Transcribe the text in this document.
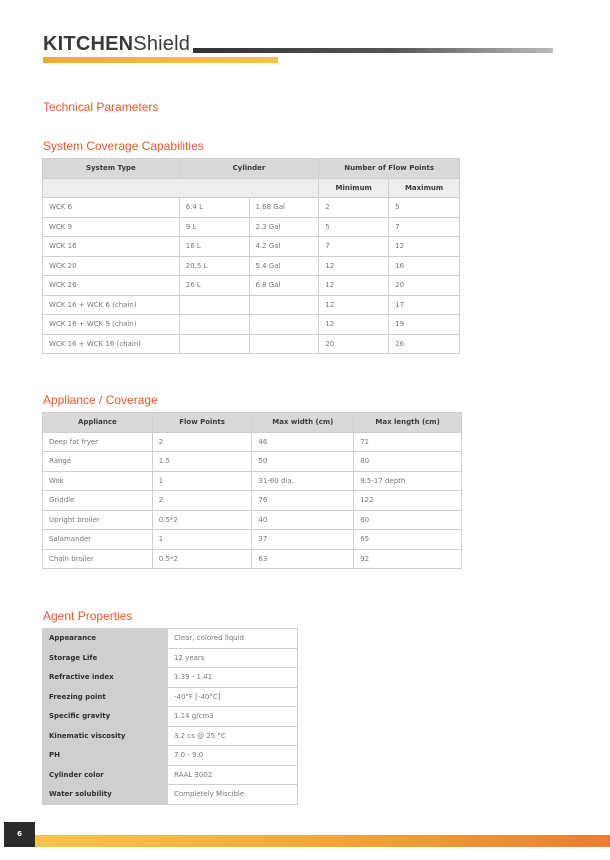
KITCHENShield
Technical Parameters
System Coverage Capabilities
System Type	Cylinder		Number of Flow Points	
			Minimum	Maximum
WCK 6	6.4 L	1.68 Gal	2	5
WCK 9	9 L	2.3 Gal	5	7
WCK 16	16 L	4.2 Gal	7	12
WCK 20	20.5 L	5.4 Gal	12	16
WCK 26	26 L	6.8 Gal	12	20
WCK 16 + WCK 6 (chain)			12	17
WCK 16 + WCK 9 (chain)			12	19
WCK 16 + WCK 16 (chain)			20	26
Appliance / Coverage
Appliance	Flow Points	Max width (cm)	Max length (cm)
Deep fat fryer	2	46	71
Range	1.5	50	80
Wok	1	31-60 dia.	9.5-17 depth
Griddle	2	76	122
Upright broiler	0.5*2	40	60
Salamander	1	37	65
Chain broiler	0.5*2	63	92
Agent Properties
Appearance	Clear, colored liquid
Storage Life	12 years
Refractive index	1.39 - 1.41
Freezing point	-40°F [-40°C]
Specific gravity	1.14 g/cm3
Kinematic viscosity	3.2 cs @ 25 °C
PH	7.0 - 9.0
Cylinder color	RAAL 3002
Water solubility	Completely Miscible
6
